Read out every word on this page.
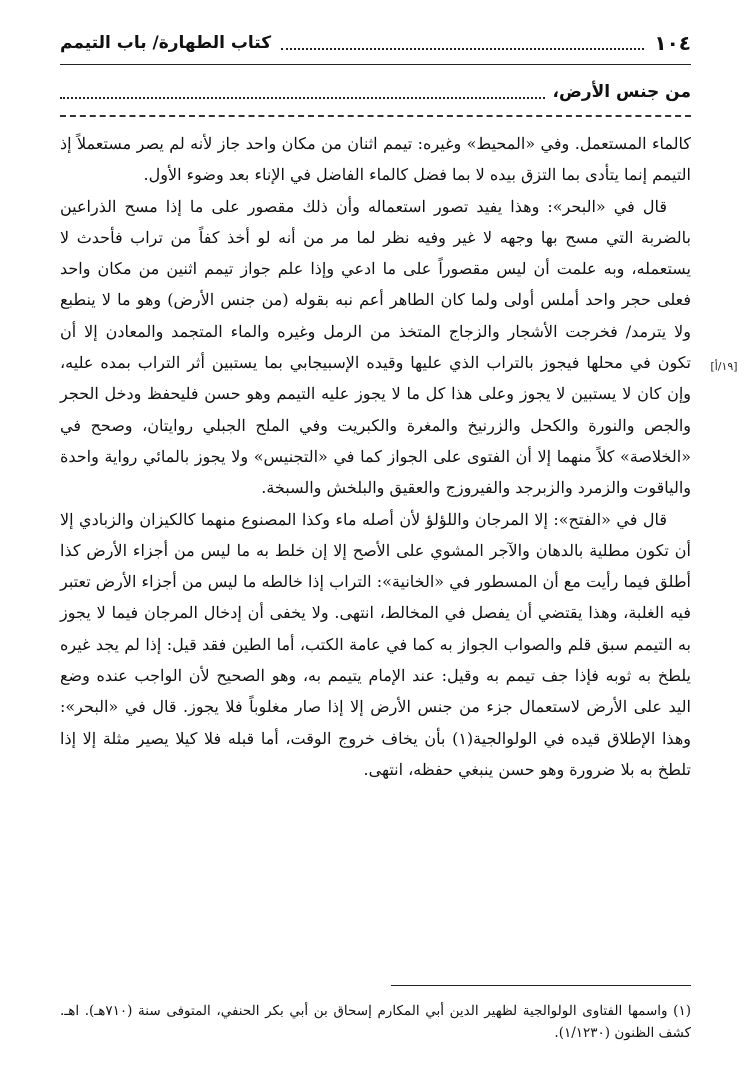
١٠٤
كتاب الطهارة/ باب التيمم
من جنس الأرض،
[١٩/أ]

كالماء المستعمل. وفي «المحيط» وغيره: تيمم اثنان من مكان واحد جاز لأنه لم يصر مستعملاً إذ التيمم إنما يتأدى بما التزق بيده لا بما فضل كالماء الفاضل في الإناء بعد وضوء الأول.

قال في «البحر»: وهذا يفيد تصور استعماله وأن ذلك مقصور على ما إذا مسح الذراعين بالضربة التي مسح بها وجهه لا غير وفيه نظر لما مر من أنه لو أخذ كفاً من تراب فأحدث لا يستعمله، وبه علمت أن ليس مقصوراً على ما ادعي وإذا علم جواز تيمم اثنين من مكان واحد فعلى حجر واحد أملس أولى ولما كان الطاهر أعم نبه بقوله (من جنس الأرض) وهو ما لا ينطبع ولا يترمد/ فخرجت الأشجار والزجاج المتخذ من الرمل وغيره والماء المتجمد والمعادن إلا أن تكون في محلها فيجوز بالتراب الذي عليها وقيده الإسبيجابي بما يستبين أثر التراب بمده عليه، وإن كان لا يستبين لا يجوز وعلى هذا كل ما لا يجوز عليه التيمم وهو حسن فليحفظ ودخل الحجر والجص والنورة والكحل والزرنيخ والمغرة والكبريت وفي الملح الجبلي روايتان، وصحح في «الخلاصة» كلاً منهما إلا أن الفتوى على الجواز كما في «التجنيس» ولا يجوز بالمائي رواية واحدة والياقوت والزمرد والزبرجد والفيروزج والعقيق والبلخش والسبخة.

قال في «الفتح»: إلا المرجان واللؤلؤ لأن أصله ماء وكذا المصنوع منهما كالكيزان والزبادي إلا أن تكون مطلية بالدهان والآجر المشوي على الأصح إلا إن خلط به ما ليس من أجزاء الأرض كذا أطلق فيما رأيت مع أن المسطور في «الخانية»: التراب إذا خالطه ما ليس من أجزاء الأرض تعتبر فيه الغلبة، وهذا يقتضي أن يفصل في المخالط، انتهى. ولا يخفى أن إدخال المرجان فيما لا يجوز به التيمم سبق قلم والصواب الجواز به كما في عامة الكتب، أما الطين فقد قيل: إذا لم يجد غيره يلطخ به ثوبه فإذا جف تيمم به وقيل: عند الإمام يتيمم به، وهو الصحيح لأن الواجب عنده وضع اليد على الأرض لاستعمال جزء من جنس الأرض إلا إذا صار مغلوباً فلا يجوز. قال في «البحر»: وهذا الإطلاق قيده في الولوالجية(١) بأن يخاف خروج الوقت، أما قبله فلا كيلا يصير مثلة إلا إذا تلطخ به بلا ضرورة وهو حسن ينبغي حفظه، انتهى.

(١) واسمها الفتاوى الولوالجية لظهير الدين أبي المكارم إسحاق بن أبي بكر الحنفي، المتوفى سنة (٧١٠هـ). اهـ. كشف الظنون (١/١٢٣٠).
